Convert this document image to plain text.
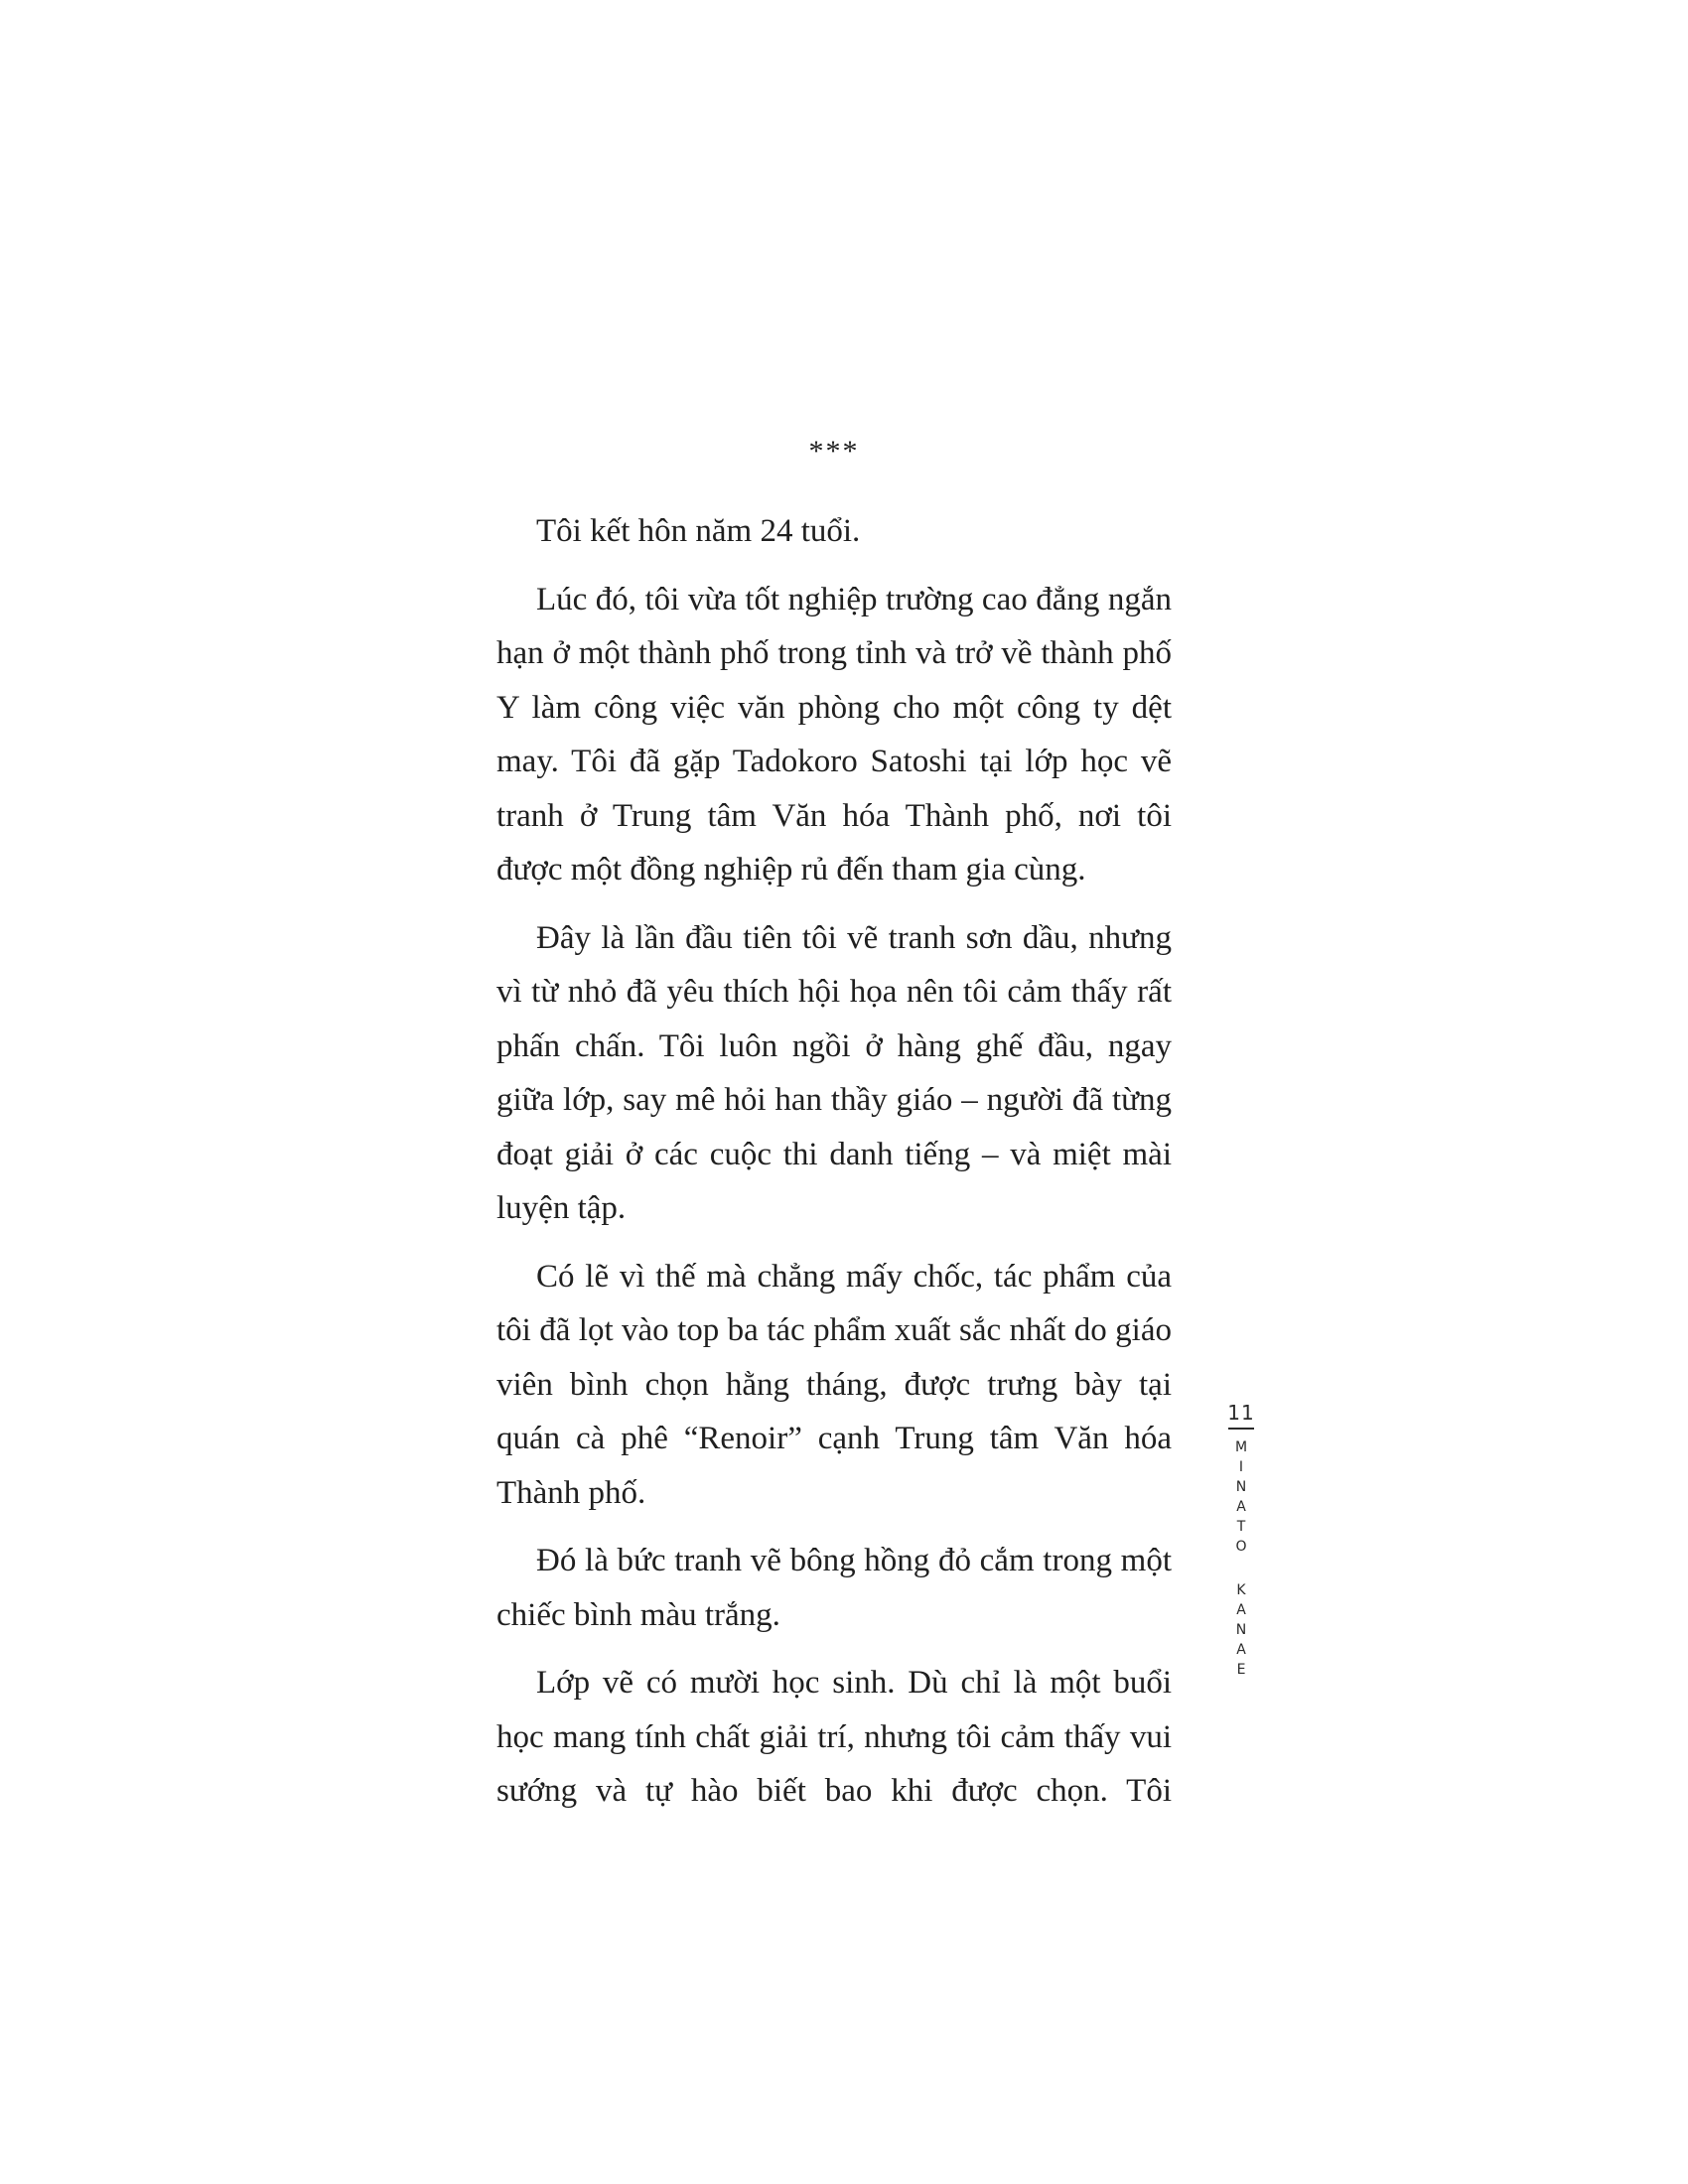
***

Tôi kết hôn năm 24 tuổi.

Lúc đó, tôi vừa tốt nghiệp trường cao đẳng ngắn hạn ở một thành phố trong tỉnh và trở về thành phố Y làm công việc văn phòng cho một công ty dệt may. Tôi đã gặp Tadokoro Satoshi tại lớp học vẽ tranh ở Trung tâm Văn hóa Thành phố, nơi tôi được một đồng nghiệp rủ đến tham gia cùng.

Đây là lần đầu tiên tôi vẽ tranh sơn dầu, nhưng vì từ nhỏ đã yêu thích hội họa nên tôi cảm thấy rất phấn chấn. Tôi luôn ngồi ở hàng ghế đầu, ngay giữa lớp, say mê hỏi han thầy giáo – người đã từng đoạt giải ở các cuộc thi danh tiếng – và miệt mài luyện tập.

Có lẽ vì thế mà chẳng mấy chốc, tác phẩm của tôi đã lọt vào top ba tác phẩm xuất sắc nhất do giáo viên bình chọn hằng tháng, được trưng bày tại quán cà phê “Renoir” cạnh Trung tâm Văn hóa Thành phố.

Đó là bức tranh vẽ bông hồng đỏ cắm trong một chiếc bình màu trắng.

Lớp vẽ có mười học sinh. Dù chỉ là một buổi học mang tính chất giải trí, nhưng tôi cảm thấy vui sướng và tự hào biết bao khi được chọn. Tôi

11
M
I
N
A
T
O
K
A
N
A
E
